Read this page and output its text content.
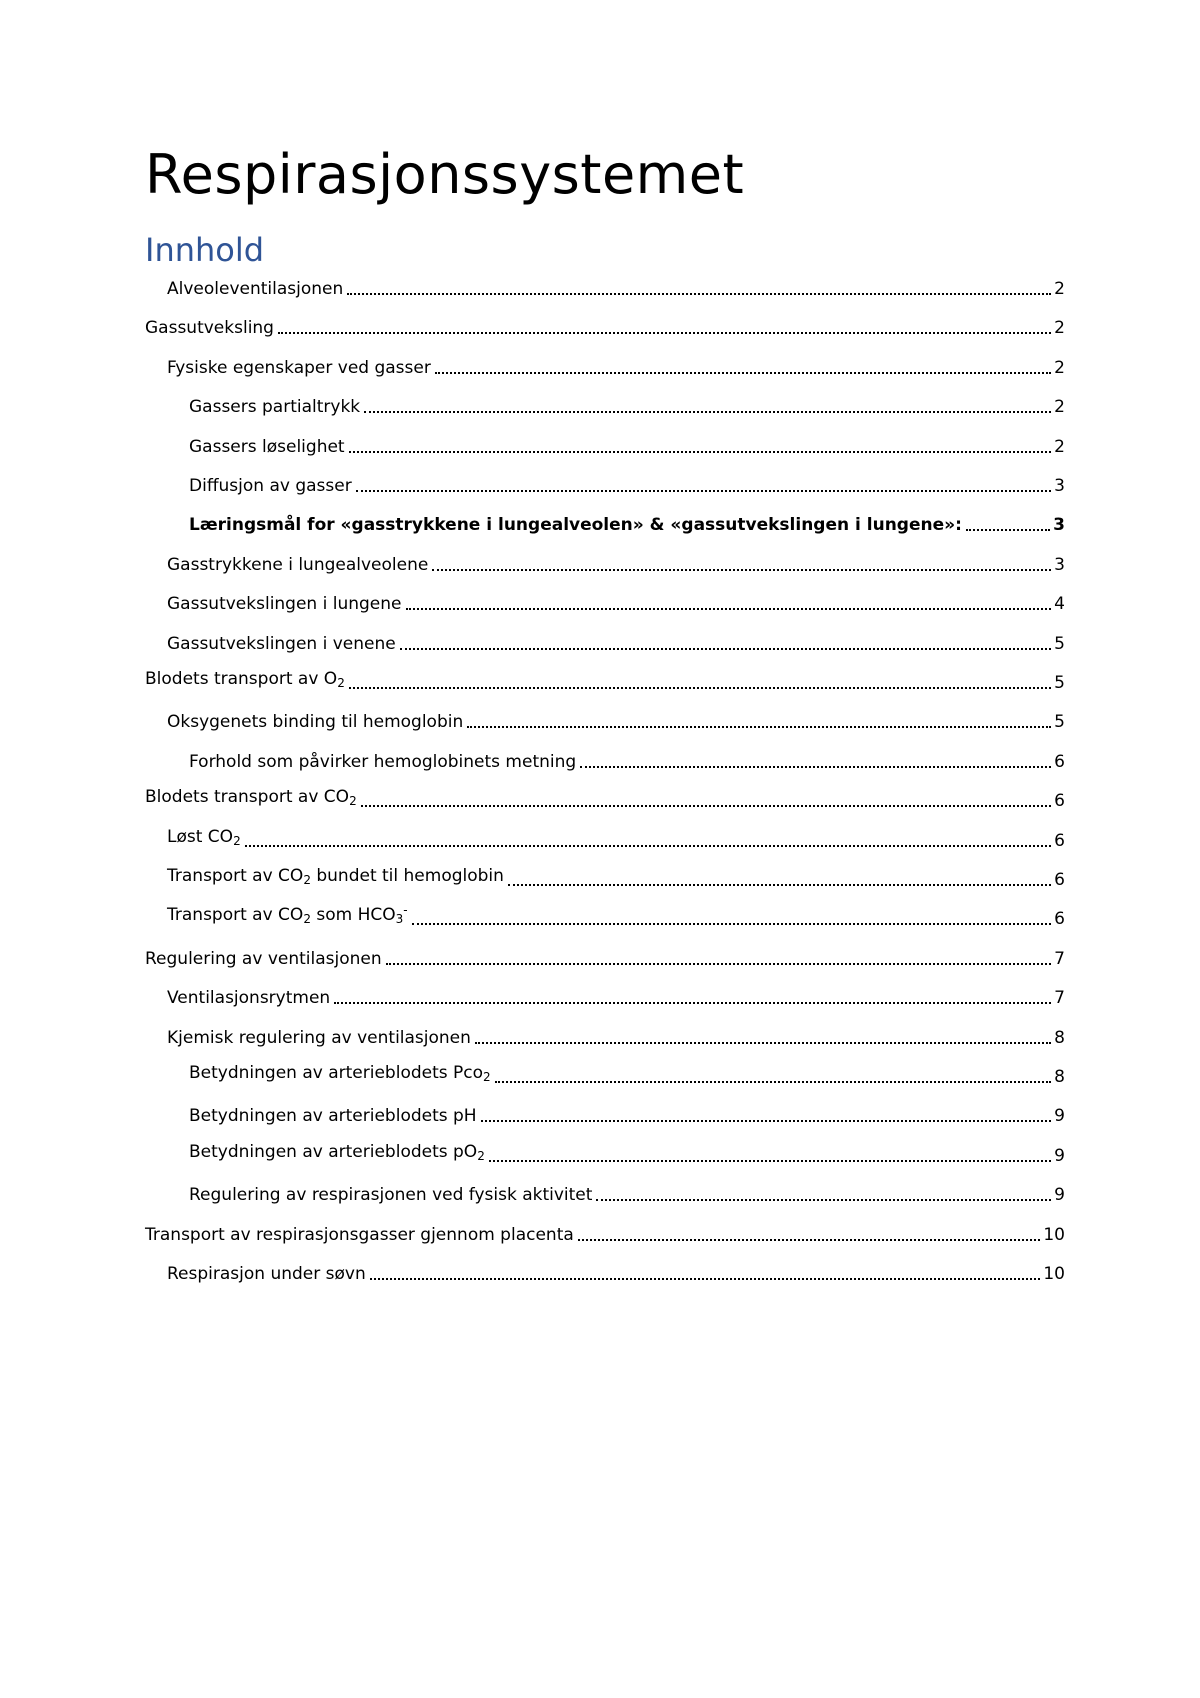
Respirasjonssystemet
Innhold
Alveoleventilasjonen	2
Gassutveksling	2
Fysiske egenskaper ved gasser	2
Gassers partialtrykk	2
Gassers løselighet	2
Diffusjon av gasser	3
Læringsmål for «gasstrykkene i lungealveolen» & «gassutvekslingen i lungene»:	3
Gasstrykkene i lungealveolene	3
Gassutvekslingen i lungene	4
Gassutvekslingen i venene	5
Blodets transport av $O_2$	5
Oksygenets binding til hemoglobin	5
Forhold som påvirker hemoglobinets metning	6
Blodets transport av $CO_2$	6
Løst $CO_2$	6
Transport av $CO_2$ bundet til hemoglobin	6
Transport av $CO_2$ som $HCO_3^-$	6
Regulering av ventilasjonen	7
Ventilasjonsrytmen	7
Kjemisk regulering av ventilasjonen	8
Betydningen av arterieblodets Pco$_2$	8
Betydningen av arterieblodets pH	9
Betydningen av arterieblodets $pO_2$	9
Regulering av respirasjonen ved fysisk aktivitet	9
Transport av respirasjonsgasser gjennom placenta	10
Respirasjon under søvn	10
